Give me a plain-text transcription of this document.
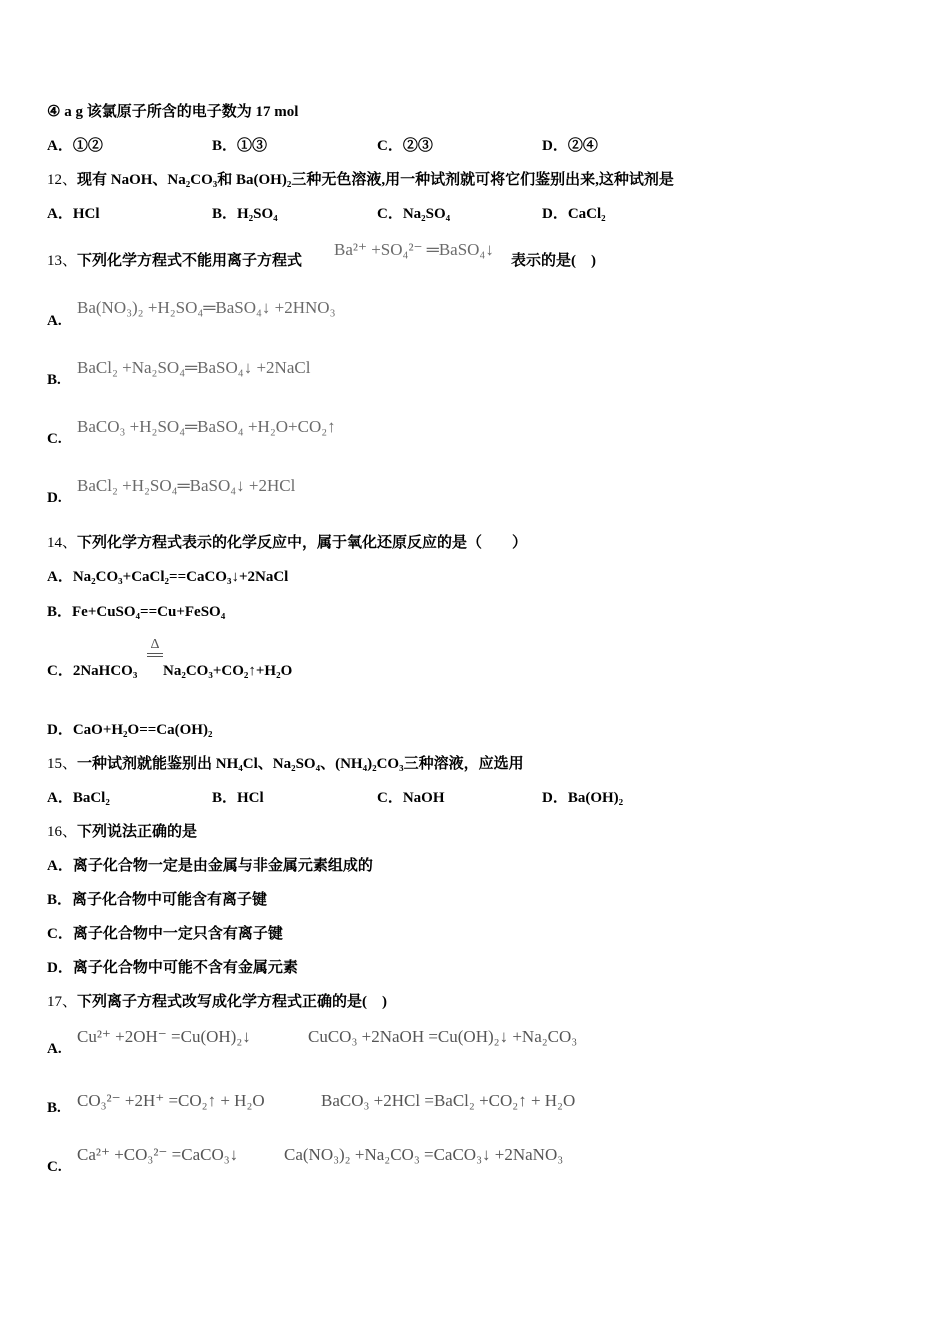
④ a g 该氯原子所含的电子数为 17 mol
A．①②	B．①③	C．②③	D．②④
12、现有 NaOH、Na₂CO₃和 Ba(OH)₂三种无色溶液,用一种试剂就可将它们鉴别出来,这种试剂是
A．HCl	B．H₂SO₄	C．Na₂SO₄	D．CaCl₂
13、下列化学方程式不能用离子方程式
Ba²⁺ +SO₄²⁻ ═BaSO₄↓
表示的是(　)
A.
Ba(NO₃)₂ +H₂SO₄═BaSO₄↓ +2HNO₃
B.
BaCl₂ +Na₂SO₄═BaSO₄↓ +2NaCl
C.
BaCO₃ +H₂SO₄═BaSO₄ +H₂O+CO₂↑
D.
BaCl₂ +H₂SO₄═BaSO₄↓ +2HCl
14、下列化学方程式表示的化学反应中，属于氧化还原反应的是（　　）
A．Na₂CO₃+CaCl₂==CaCO₃↓+2NaCl
B．Fe+CuSO₄==Cu+FeSO₄
Δ
C．2NaHCO₃ Na₂CO₃+CO₂↑+H₂O
D．CaO+H₂O==Ca(OH)₂
15、一种试剂就能鉴别出 NH₄Cl、Na₂SO₄、(NH₄)₂CO₃三种溶液，应选用
A．BaCl₂	B．HCl	C．NaOH	D．Ba(OH)₂
16、下列说法正确的是
A．离子化合物一定是由金属与非金属元素组成的
B．离子化合物中可能含有离子键
C．离子化合物中一定只含有离子键
D．离子化合物中可能不含有金属元素
17、下列离子方程式改写成化学方程式正确的是(　)
A.
Cu²⁺ +2OH⁻ =Cu(OH)₂↓	CuCO₃ +2NaOH =Cu(OH)₂↓ +Na₂CO₃
B. CO₃²⁻ +2H⁺ =CO₂↑ + H₂O	BaCO₃ +2HCl =BaCl₂ +CO₂↑ + H₂O
C.
Ca²⁺ +CO₃²⁻ =CaCO₃↓	Ca(NO₃)₂ +Na₂CO₃ =CaCO₃↓ +2NaNO₃
